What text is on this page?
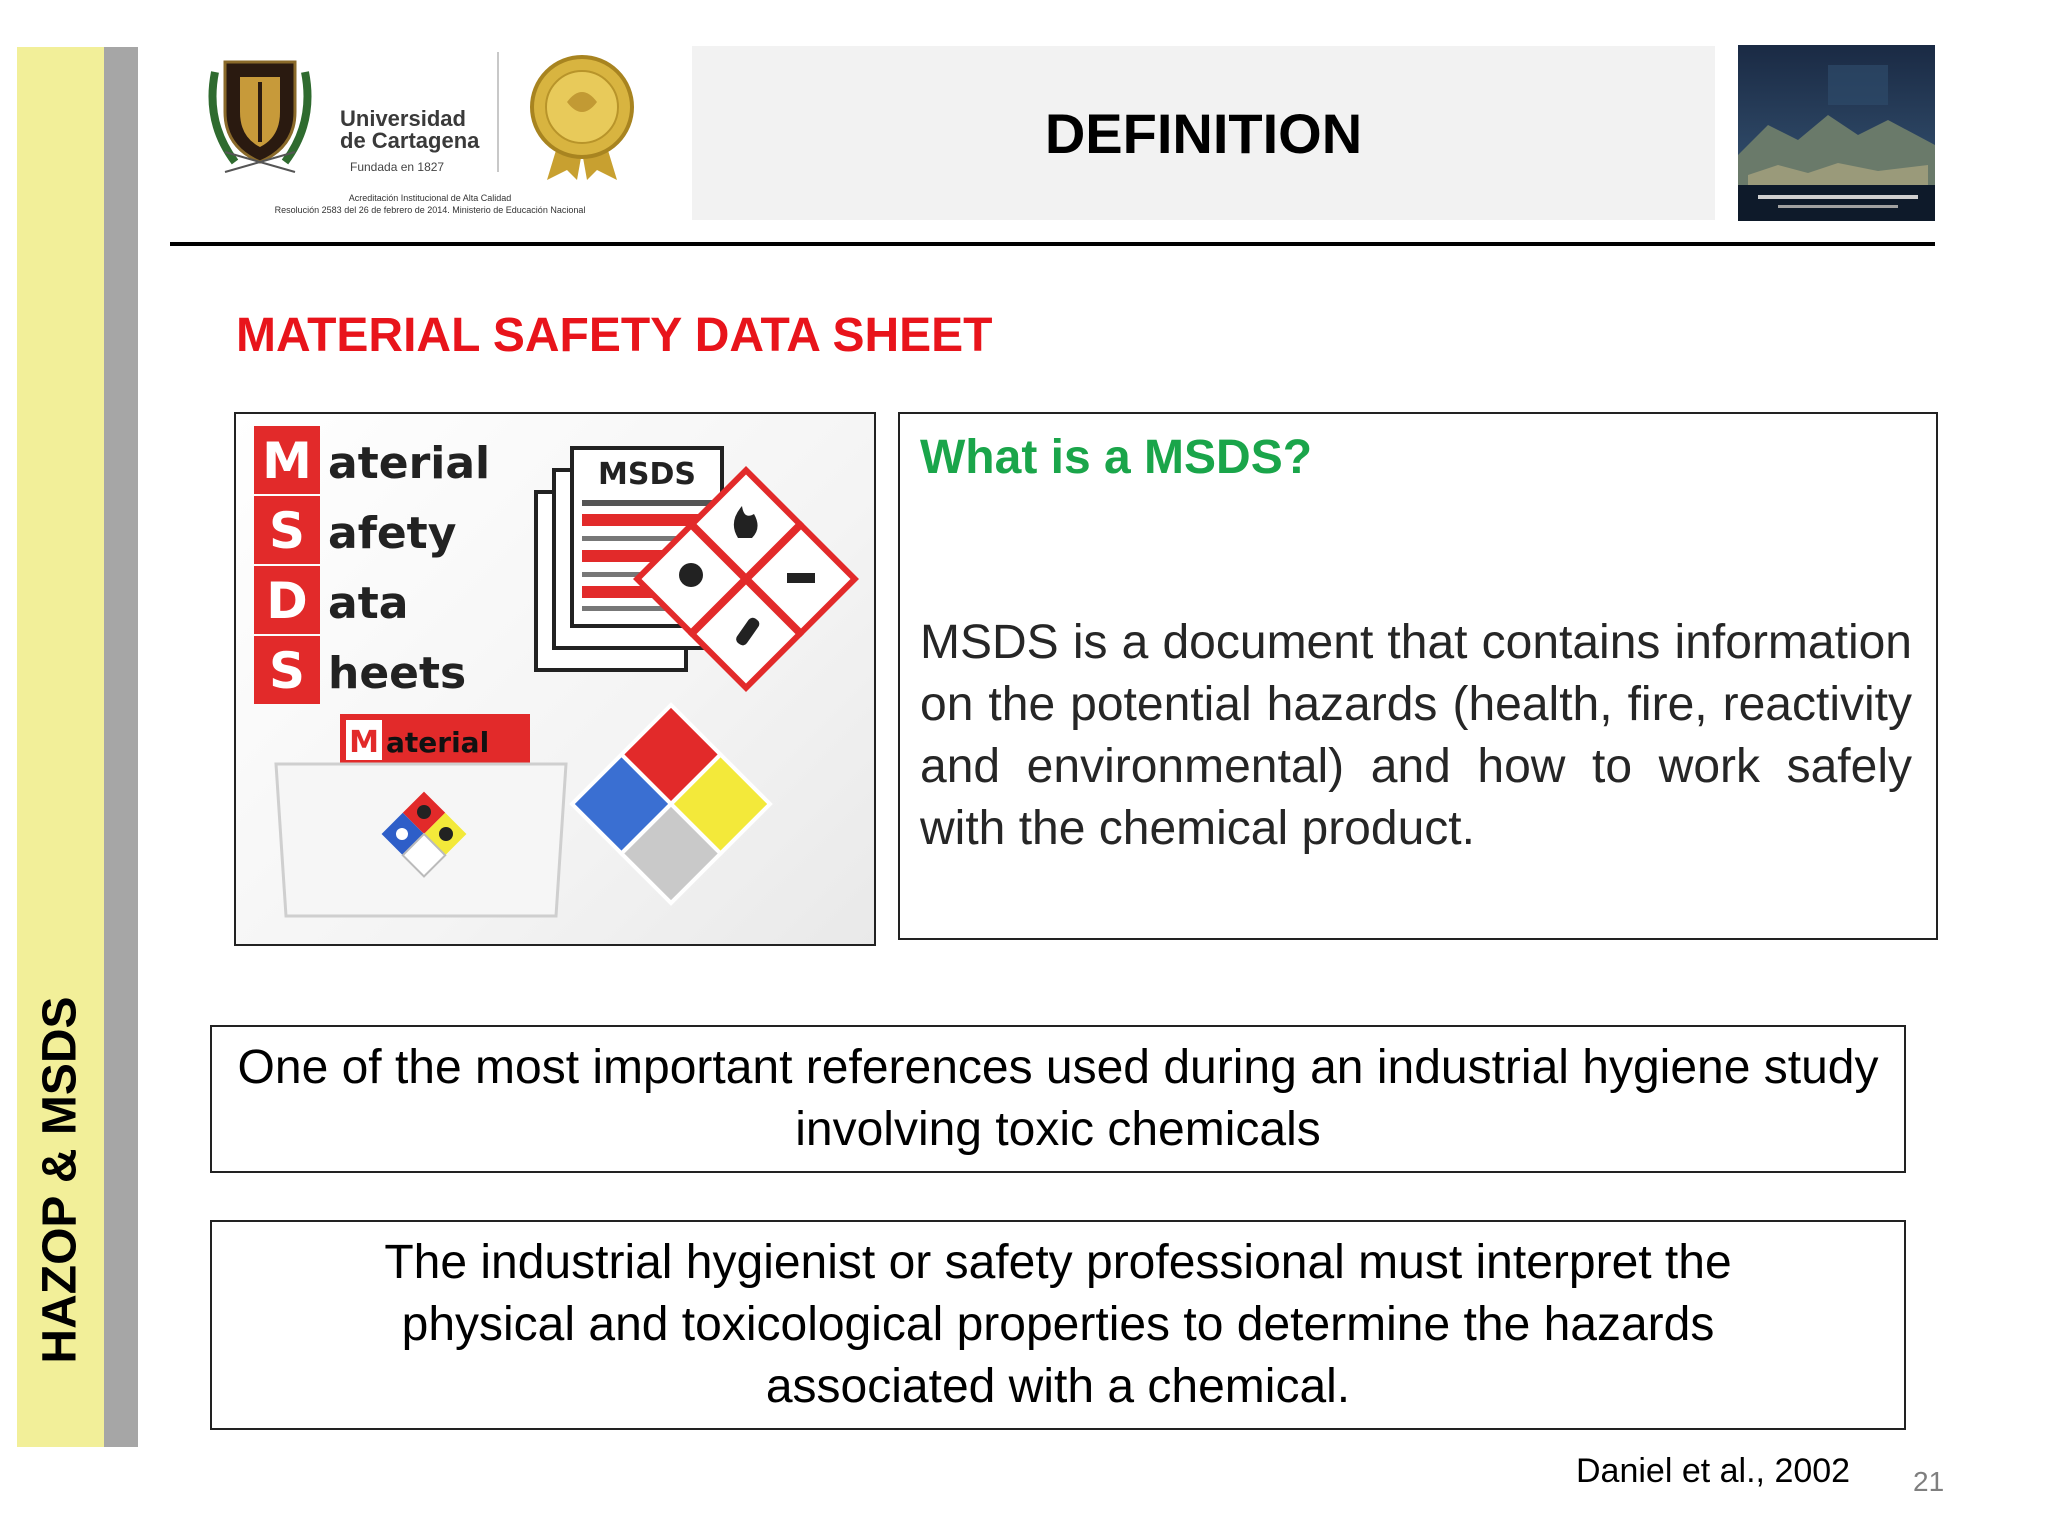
HAZOP & MSDS
Universidad
de Cartagena
Fundada en 1827
Acreditación Institucional de Alta Calidad
Resolución 2583 del 26 de febrero de 2014. Ministerio de Educación Nacional
DEFINITION
MATERIAL SAFETY DATA SHEET
M aterial
S afety
D ata
S heets
MSDS
M aterial
What is a MSDS?
MSDS is a document that contains information on the potential hazards (health, fire, reactivity and environmental) and how to work safely with the chemical product.
One of the most important references used during an industrial hygiene study involving toxic chemicals
The industrial hygienist or safety professional must interpret the physical and toxicological properties to determine the hazards associated with a chemical.
Daniel et al., 2002 21
